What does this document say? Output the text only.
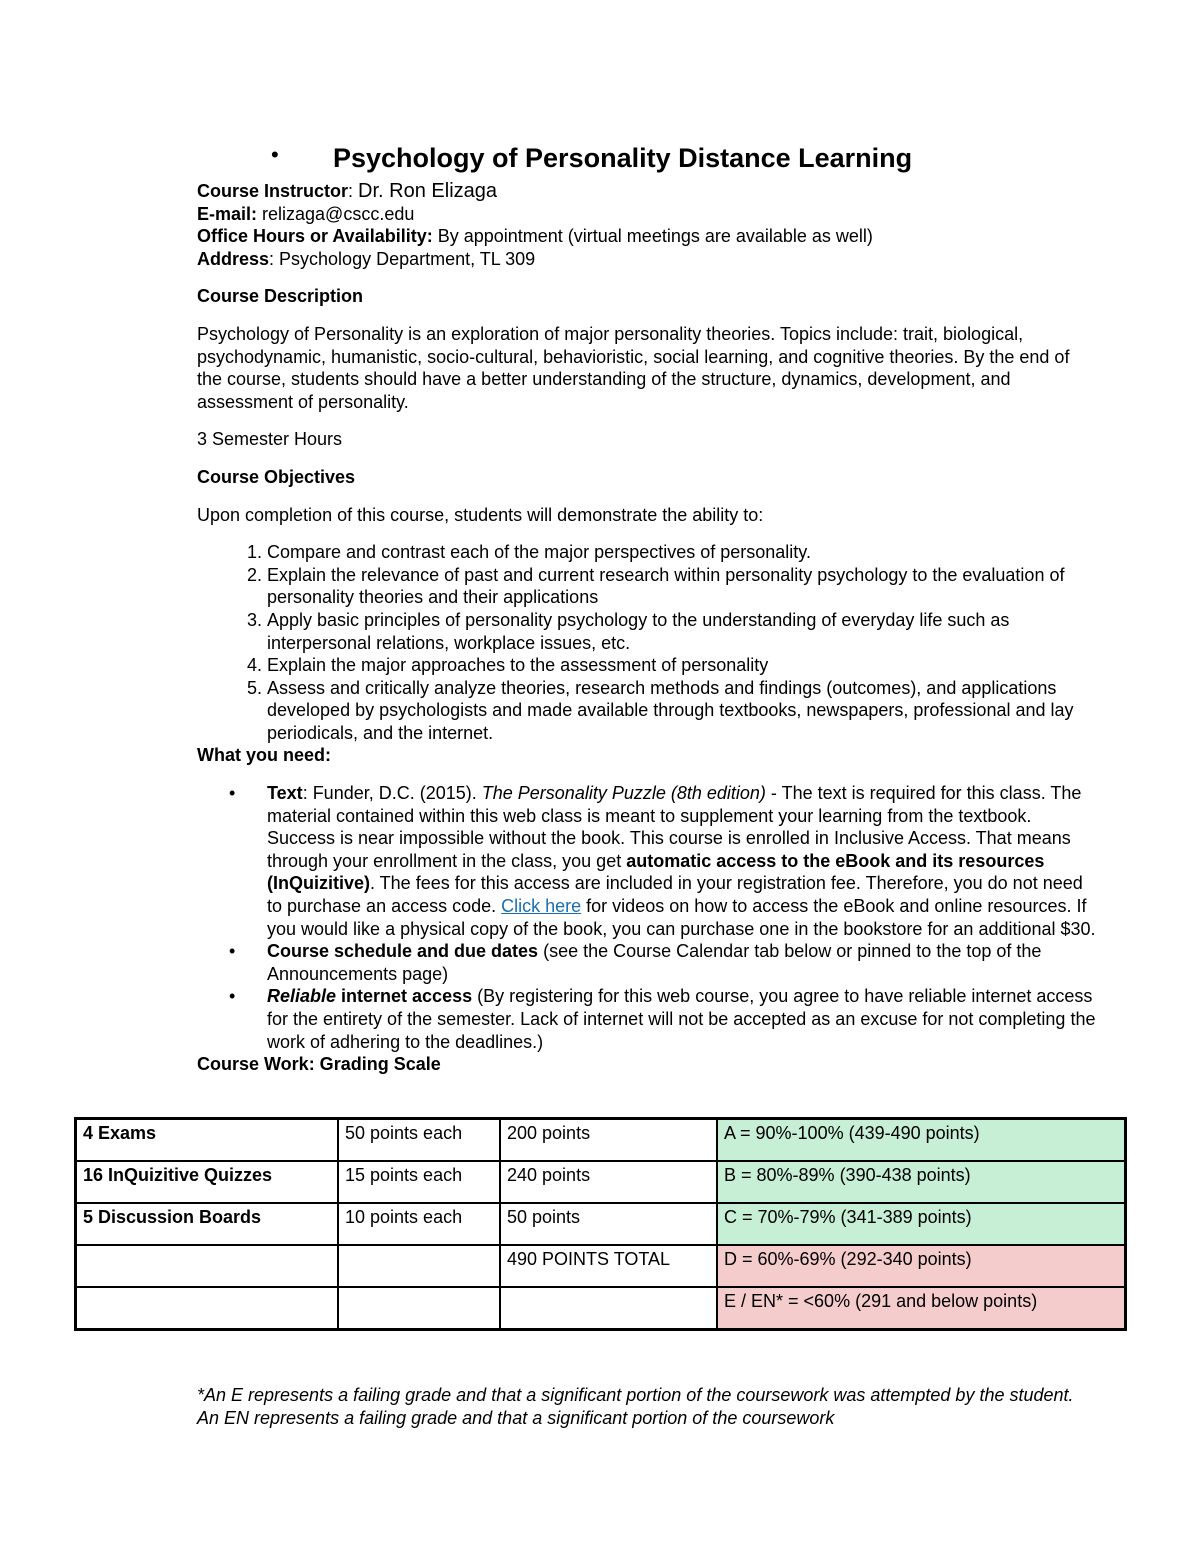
• Psychology of Personality Distance Learning

Course Instructor: Dr. Ron Elizaga

E-mail: relizaga@cscc.edu

Office Hours or Availability: By appointment (virtual meetings are available as well)

Address: Psychology Department, TL 309

Course Description

Psychology of Personality is an exploration of major personality theories. Topics include: trait, biological, psychodynamic, humanistic, socio-cultural, behavioristic, social learning, and cognitive theories. By the end of the course, students should have a better understanding of the structure, dynamics, development, and assessment of personality.

3 Semester Hours

Course Objectives

Upon completion of this course, students will demonstrate the ability to:

1. Compare and contrast each of the major perspectives of personality.
2. Explain the relevance of past and current research within personality psychology to the evaluation of personality theories and their applications
3. Apply basic principles of personality psychology to the understanding of everyday life such as interpersonal relations, workplace issues, etc.
4. Explain the major approaches to the assessment of personality
5. Assess and critically analyze theories, research methods and findings (outcomes), and applications developed by psychologists and made available through textbooks, newspapers, professional and lay periodicals, and the internet.

What you need:

• Text: Funder, D.C. (2015). The Personality Puzzle (8th edition) - The text is required for this class. The material contained within this web class is meant to supplement your learning from the textbook. Success is near impossible without the book. This course is enrolled in Inclusive Access. That means through your enrollment in the class, you get automatic access to the eBook and its resources (InQuizitive). The fees for this access are included in your registration fee. Therefore, you do not need to purchase an access code. Click here for videos on how to access the eBook and online resources. If you would like a physical copy of the book, you can purchase one in the bookstore for an additional $30.
• Course schedule and due dates (see the Course Calendar tab below or pinned to the top of the Announcements page)
• Reliable internet access (By registering for this web course, you agree to have reliable internet access for the entirety of the semester. Lack of internet will not be accepted as an excuse for not completing the work of adhering to the deadlines.)

Course Work: Grading Scale

4 Exams	50 points each	200 points	A = 90%-100% (439-490 points)
16 InQuizitive Quizzes	15 points each	240 points	B = 80%-89% (390-438 points)
5 Discussion Boards	10 points each	50 points	C = 70%-79% (341-389 points)
		490 POINTS TOTAL	D = 60%-69% (292-340 points)
			E / EN* = <60% (291 and below points)

*An E represents a failing grade and that a significant portion of the coursework was attempted by the student. An EN represents a failing grade and that a significant portion of the coursework
